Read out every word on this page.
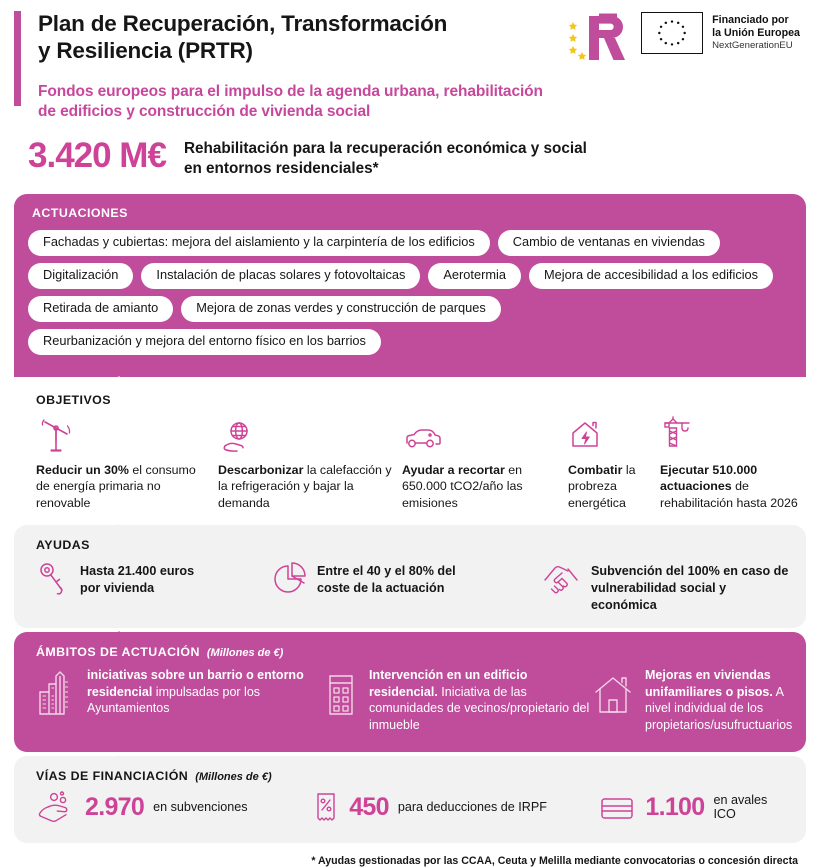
Plan de Recuperación, Transformación
y Resiliencia (PRTR)
Fondos europeos para el impulso de la agenda urbana, rehabilitación
de edificios y construcción de vivienda social
Financiado por
la Unión Europea
NextGenerationEU
3.420 M€ Rehabilitación para la recuperación económica y social
en entornos residenciales*
ACTUACIONES
Fachadas y cubiertas: mejora del aislamiento y la carpintería de los edificios	Cambio de ventanas en viviendas
Digitalización	Instalación de placas solares y fotovoltaicas	Aerotermia	Mejora de accesibilidad a los edificios
Retirada de amianto	Mejora de zonas verdes y construcción de parques
Reurbanización y mejora del entorno físico en los barrios
OBJETIVOS
Reducir un 30% el consumo de energía primaria no renovable
Descarbonizar la calefacción y la refrigeración y bajar la demanda
Ayudar a recortar en 650.000 tCO2/año las emisiones
Combatir la probreza energética
Ejecutar 510.000 actuaciones de rehabilitación hasta 2026
AYUDAS
Hasta 21.400 euros
por vivienda
Entre el 40 y el 80% del
coste de la actuación
Subvención del 100% en caso de
vulnerabilidad social y económica
ÁMBITOS DE ACTUACIÓN (Millones de €)
iniciativas sobre un barrio o entorno residencial impulsadas por los Ayuntamientos
Intervención en un edificio residencial. Iniciativa de las comunidades de vecinos/propietario del inmueble
Mejoras en viviendas unifamiliares o pisos. A nivel individual de los propietarios/usufructuarios
VÍAS DE FINANCIACIÓN (Millones de €)
2.970 en subvenciones	450 para deducciones de IRPF	1.100 en avales ICO
* Ayudas gestionadas por las CCAA, Ceuta y Melilla mediante convocatorias o concesión directa
